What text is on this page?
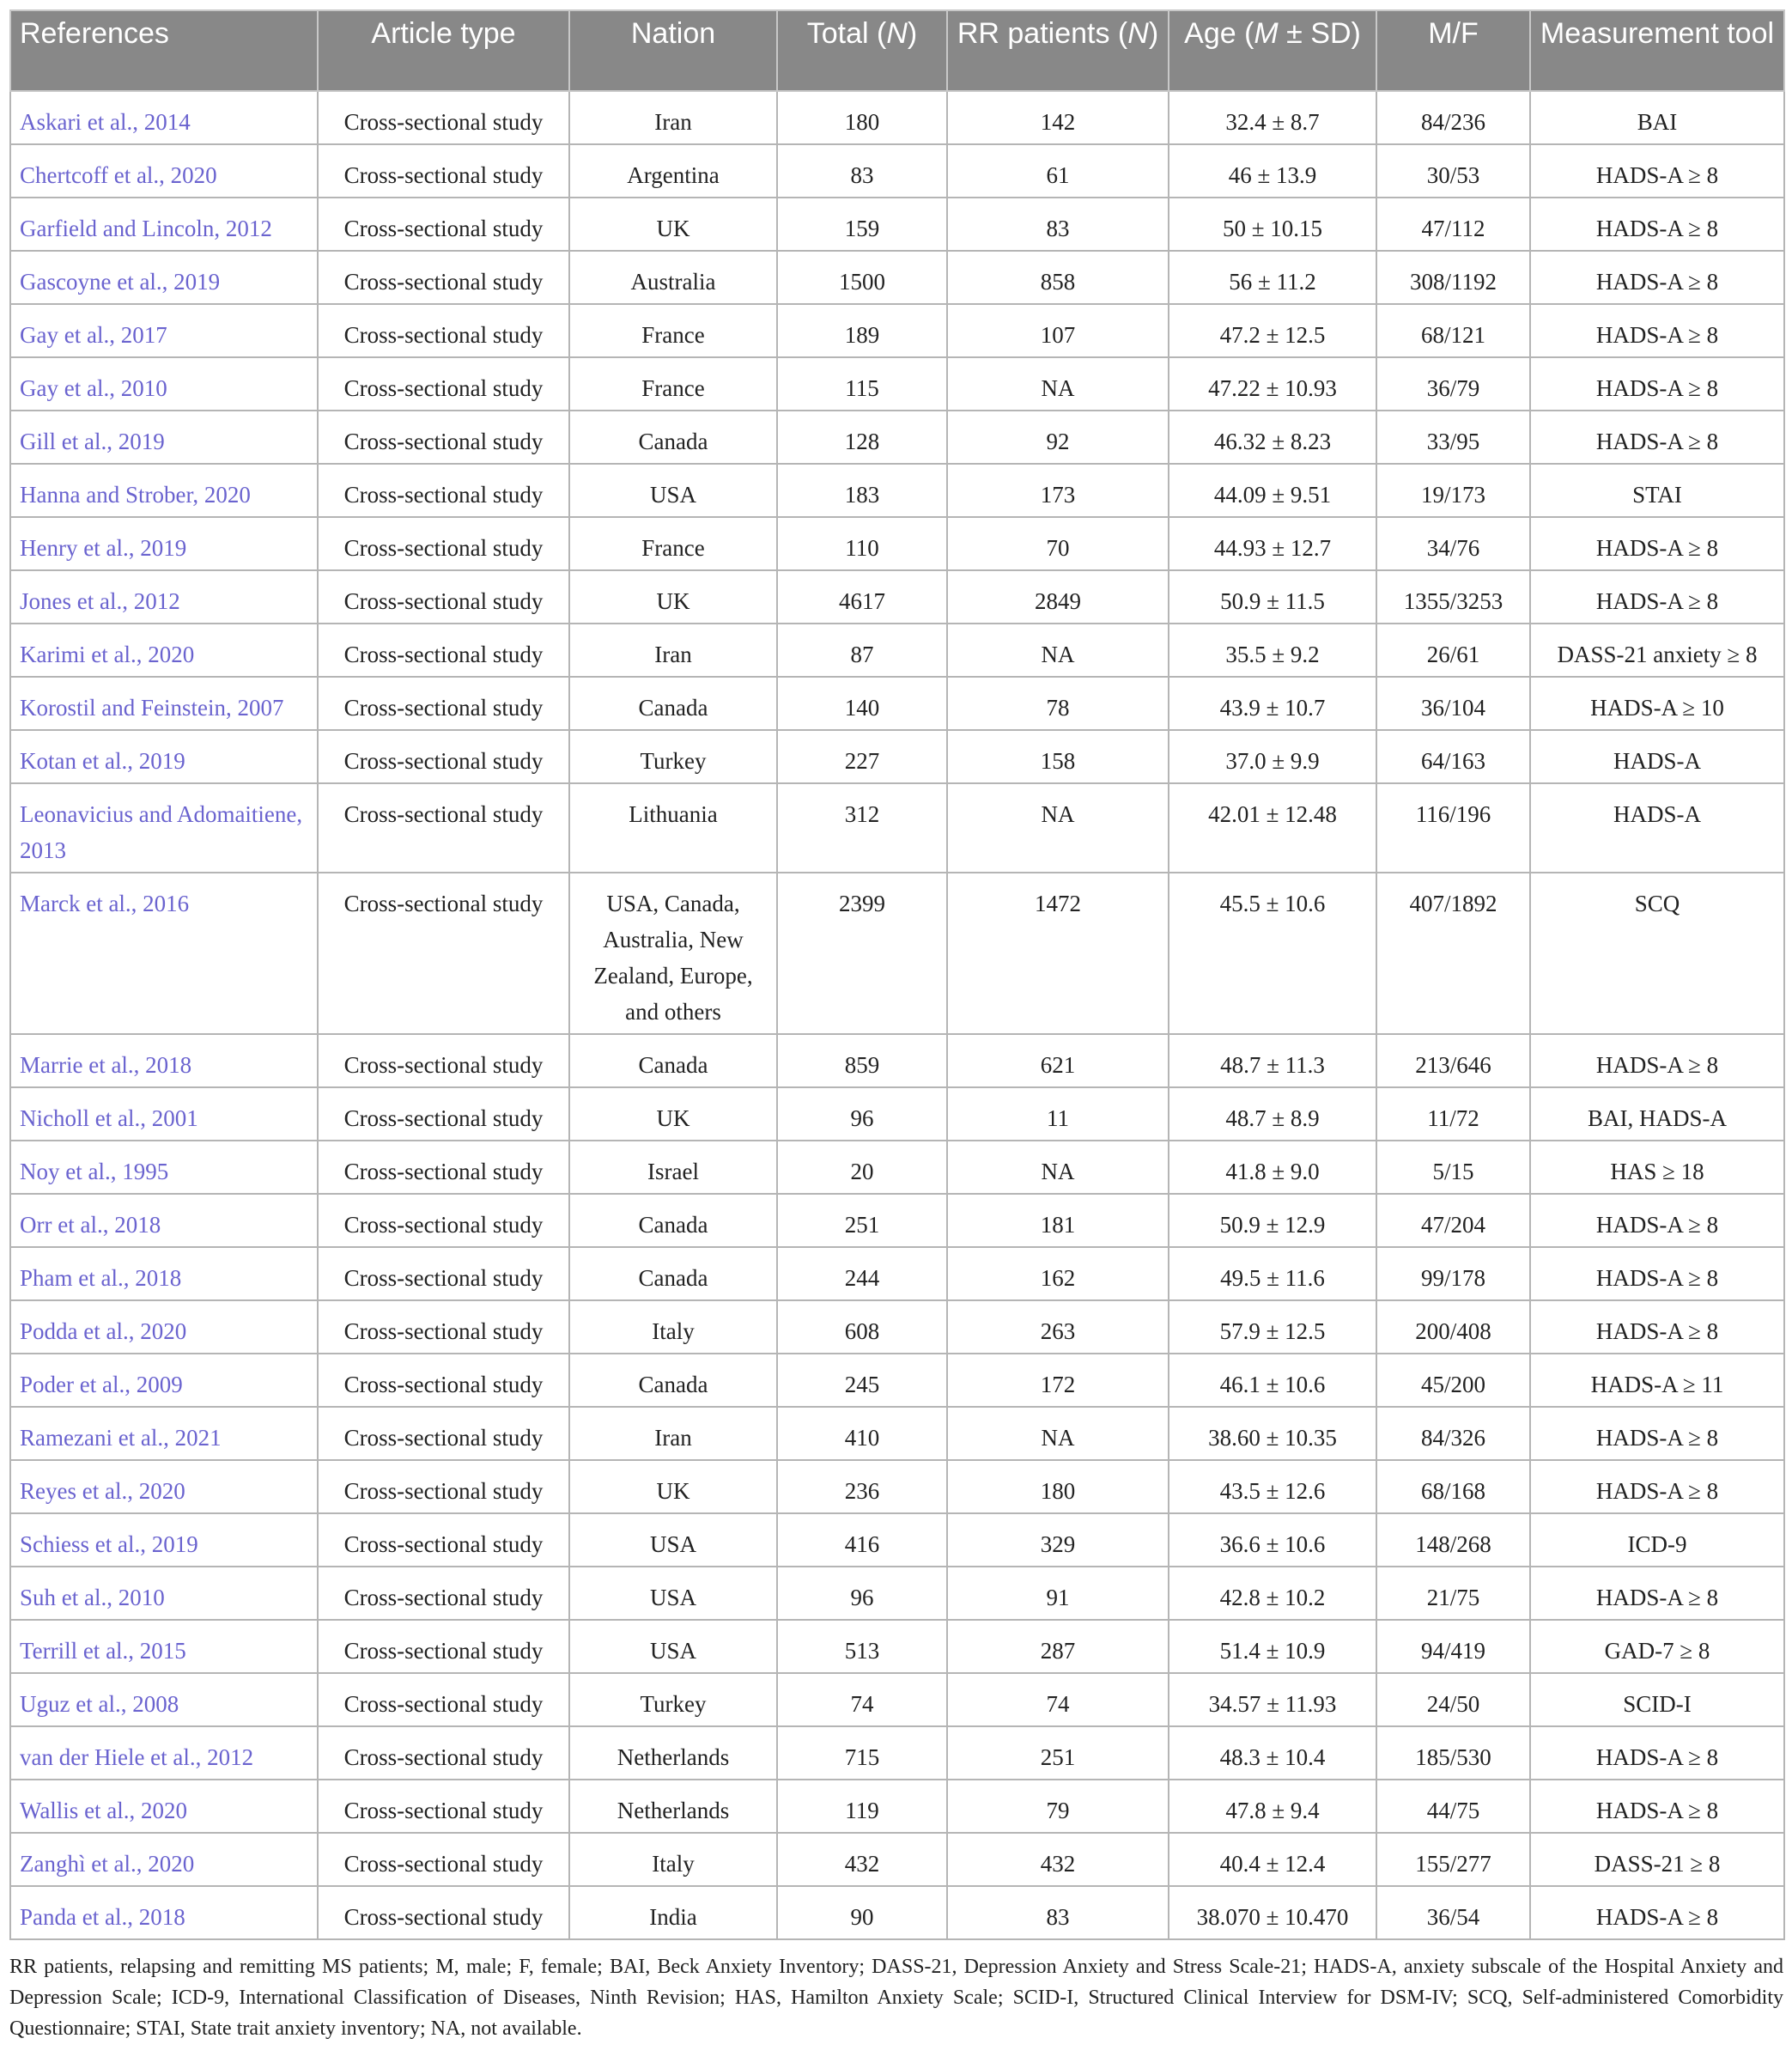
References	Article type	Nation	Total (N)	RR patients (N)	Age (M ± SD)	M/F	Measurement tool
Askari et al., 2014	Cross-sectional study	Iran	180	142	32.4 ± 8.7	84/236	BAI
Chertcoff et al., 2020	Cross-sectional study	Argentina	83	61	46 ± 13.9	30/53	HADS-A ≥ 8
Garfield and Lincoln, 2012	Cross-sectional study	UK	159	83	50 ± 10.15	47/112	HADS-A ≥ 8
Gascoyne et al., 2019	Cross-sectional study	Australia	1500	858	56 ± 11.2	308/1192	HADS-A ≥ 8
Gay et al., 2017	Cross-sectional study	France	189	107	47.2 ± 12.5	68/121	HADS-A ≥ 8
Gay et al., 2010	Cross-sectional study	France	115	NA	47.22 ± 10.93	36/79	HADS-A ≥ 8
Gill et al., 2019	Cross-sectional study	Canada	128	92	46.32 ± 8.23	33/95	HADS-A ≥ 8
Hanna and Strober, 2020	Cross-sectional study	USA	183	173	44.09 ± 9.51	19/173	STAI
Henry et al., 2019	Cross-sectional study	France	110	70	44.93 ± 12.7	34/76	HADS-A ≥ 8
Jones et al., 2012	Cross-sectional study	UK	4617	2849	50.9 ± 11.5	1355/3253	HADS-A ≥ 8
Karimi et al., 2020	Cross-sectional study	Iran	87	NA	35.5 ± 9.2	26/61	DASS-21 anxiety ≥ 8
Korostil and Feinstein, 2007	Cross-sectional study	Canada	140	78	43.9 ± 10.7	36/104	HADS-A ≥ 10
Kotan et al., 2019	Cross-sectional study	Turkey	227	158	37.0 ± 9.9	64/163	HADS-A
Leonavicius and Adomaitiene, 2013	Cross-sectional study	Lithuania	312	NA	42.01 ± 12.48	116/196	HADS-A
Marck et al., 2016	Cross-sectional study	USA, Canada, Australia, New Zealand, Europe, and others	2399	1472	45.5 ± 10.6	407/1892	SCQ
Marrie et al., 2018	Cross-sectional study	Canada	859	621	48.7 ± 11.3	213/646	HADS-A ≥ 8
Nicholl et al., 2001	Cross-sectional study	UK	96	11	48.7 ± 8.9	11/72	BAI, HADS-A
Noy et al., 1995	Cross-sectional study	Israel	20	NA	41.8 ± 9.0	5/15	HAS ≥ 18
Orr et al., 2018	Cross-sectional study	Canada	251	181	50.9 ± 12.9	47/204	HADS-A ≥ 8
Pham et al., 2018	Cross-sectional study	Canada	244	162	49.5 ± 11.6	99/178	HADS-A ≥ 8
Podda et al., 2020	Cross-sectional study	Italy	608	263	57.9 ± 12.5	200/408	HADS-A ≥ 8
Poder et al., 2009	Cross-sectional study	Canada	245	172	46.1 ± 10.6	45/200	HADS-A ≥ 11
Ramezani et al., 2021	Cross-sectional study	Iran	410	NA	38.60 ± 10.35	84/326	HADS-A ≥ 8
Reyes et al., 2020	Cross-sectional study	UK	236	180	43.5 ± 12.6	68/168	HADS-A ≥ 8
Schiess et al., 2019	Cross-sectional study	USA	416	329	36.6 ± 10.6	148/268	ICD-9
Suh et al., 2010	Cross-sectional study	USA	96	91	42.8 ± 10.2	21/75	HADS-A ≥ 8
Terrill et al., 2015	Cross-sectional study	USA	513	287	51.4 ± 10.9	94/419	GAD-7 ≥ 8
Uguz et al., 2008	Cross-sectional study	Turkey	74	74	34.57 ± 11.93	24/50	SCID-I
van der Hiele et al., 2012	Cross-sectional study	Netherlands	715	251	48.3 ± 10.4	185/530	HADS-A ≥ 8
Wallis et al., 2020	Cross-sectional study	Netherlands	119	79	47.8 ± 9.4	44/75	HADS-A ≥ 8
Zanghì et al., 2020	Cross-sectional study	Italy	432	432	40.4 ± 12.4	155/277	DASS-21 ≥ 8
Panda et al., 2018	Cross-sectional study	India	90	83	38.070 ± 10.470	36/54	HADS-A ≥ 8
RR patients, relapsing and remitting MS patients; M, male; F, female; BAI, Beck Anxiety Inventory; DASS-21, Depression Anxiety and Stress Scale-21; HADS-A, anxiety subscale of the Hospital Anxiety and Depression Scale; ICD-9, International Classification of Diseases, Ninth Revision; HAS, Hamilton Anxiety Scale; SCID-I, Structured Clinical Interview for DSM-IV; SCQ, Self-administered Comorbidity Questionnaire; STAI, State trait anxiety inventory; NA, not available.
